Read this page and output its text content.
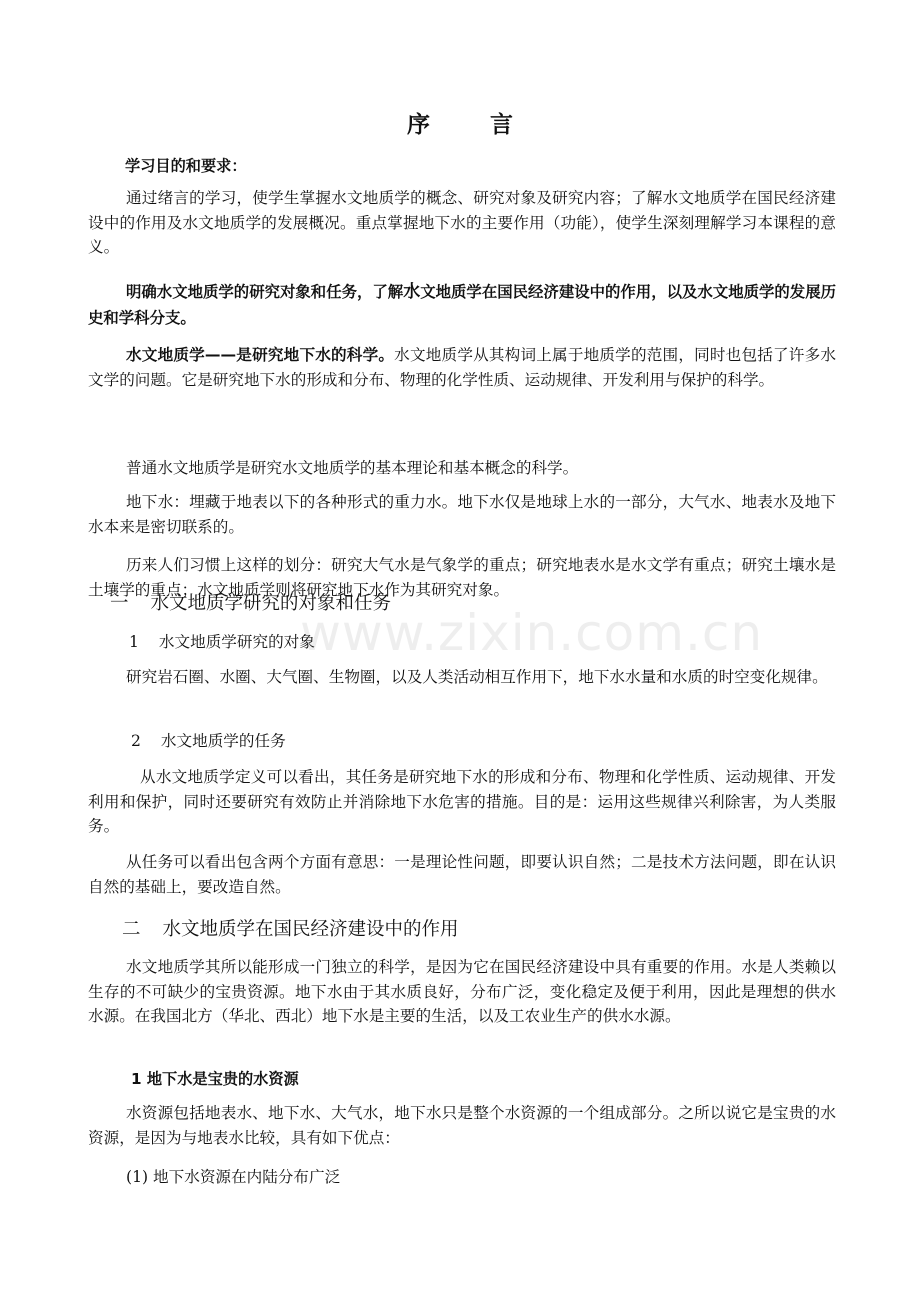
www.zixin.com.cn
序 言
学习目的和要求：
通过绪言的学习，使学生掌握水文地质学的概念、研究对象及研究内容；了解水文地质学在国民经济建设中的作用及水文地质学的发展概况。重点掌握地下水的主要作用（功能），使学生深刻理解学习本课程的意义。
明确水文地质学的研究对象和任务，了解水文地质学在国民经济建设中的作用，以及水文地质学的发展历史和学科分支。
水文地质学——是研究地下水的科学。水文地质学从其构词上属于地质学的范围，同时也包括了许多水文学的问题。它是研究地下水的形成和分布、物理的化学性质、运动规律、开发利用与保护的科学。
普通水文地质学是研究水文地质学的基本理论和基本概念的科学。
地下水：埋藏于地表以下的各种形式的重力水。地下水仅是地球上水的一部分，大气水、地表水及地下水本来是密切联系的。
历来人们习惯上这样的划分：研究大气水是气象学的重点；研究地表水是水文学有重点；研究土壤水是土壤学的重点；水文地质学则将研究地下水作为其研究对象。
一 水文地质学研究的对象和任务
1 水文地质学研究的对象
研究岩石圈、水圈、大气圈、生物圈，以及人类活动相互作用下，地下水水量和水质的时空变化规律。
2 水文地质学的任务
从水文地质学定义可以看出，其任务是研究地下水的形成和分布、物理和化学性质、运动规律、开发利用和保护，同时还要研究有效防止并消除地下水危害的措施。目的是：运用这些规律兴利除害，为人类服务。
从任务可以看出包含两个方面有意思：一是理论性问题，即要认识自然；二是技术方法问题，即在认识自然的基础上，要改造自然。
二 水文地质学在国民经济建设中的作用
水文地质学其所以能形成一门独立的科学，是因为它在国民经济建设中具有重要的作用。水是人类赖以生存的不可缺少的宝贵资源。地下水由于其水质良好，分布广泛，变化稳定及便于利用，因此是理想的供水水源。在我国北方（华北、西北）地下水是主要的生活，以及工农业生产的供水水源。
1 地下水是宝贵的水资源
水资源包括地表水、地下水、大气水，地下水只是整个水资源的一个组成部分。之所以说它是宝贵的水资源，是因为与地表水比较，具有如下优点：
(1) 地下水资源在内陆分布广泛
